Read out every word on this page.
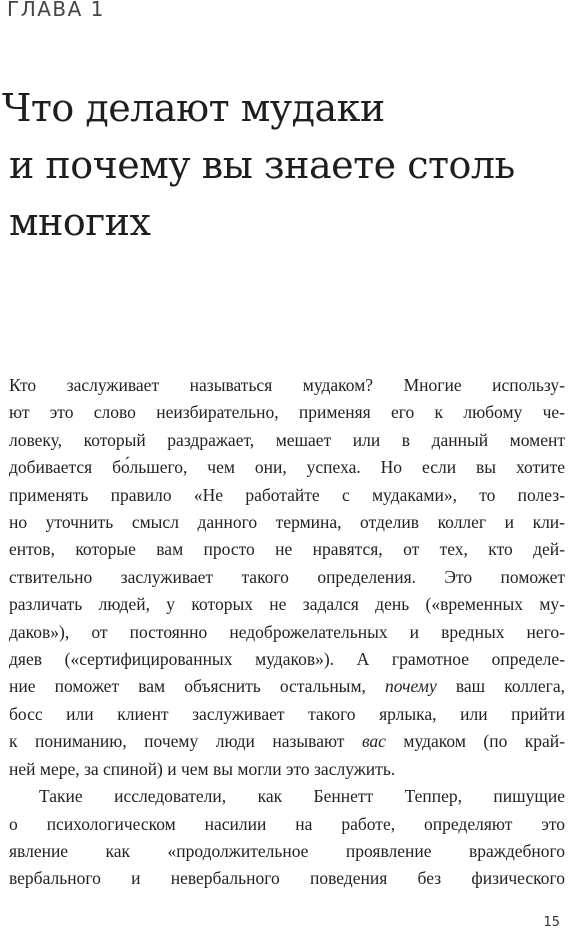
ГЛАВА 1

Что делают мудаки
и почему вы знаете столь
многих

Кто заслуживает называться мудаком? Многие использу-
ют это слово неизбирательно, применяя его к любому че-
ловеку, который раздражает, мешает или в данный момент
добивается бо́льшего, чем они, успеха. Но если вы хотите
применять правило «Не работайте с мудаками», то полез-
но уточнить смысл данного термина, отделив коллег и кли-
ентов, которые вам просто не нравятся, от тех, кто дей-
ствительно заслуживает такого определения. Это поможет
различать людей, у которых не задался день («временных му-
даков»), от постоянно недоброжелательных и вредных него-
дяев («сертифицированных мудаков»). А грамотное определе-
ние поможет вам объяснить остальным, почему ваш коллега,
босс или клиент заслуживает такого ярлыка, или прийти
к пониманию, почему люди называют вас мудаком (по край-
ней мере, за спиной) и чем вы могли это заслужить.

Такие исследователи, как Беннетт Теппер, пишущие
о психологическом насилии на работе, определяют это
явление как «продолжительное проявление враждебного
вербального и невербального поведения без физического

15
